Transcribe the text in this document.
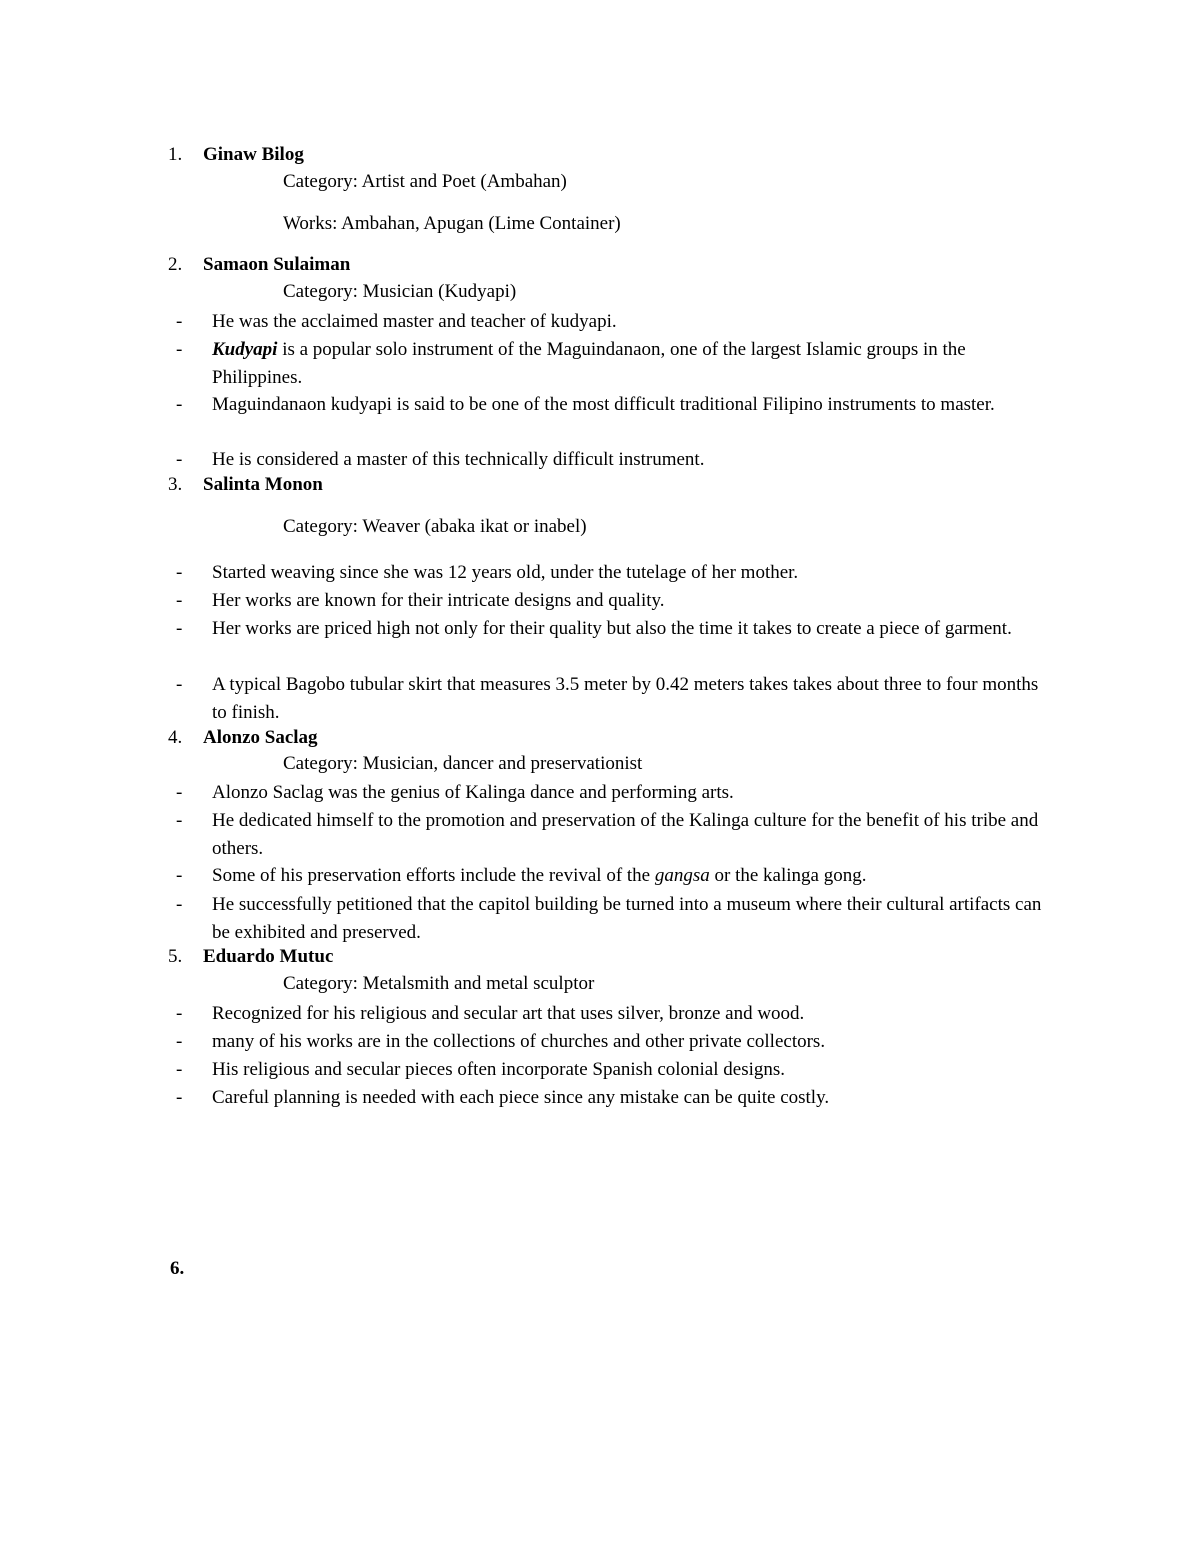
1. Ginaw Bilog
Category: Artist and Poet (Ambahan)
Works: Ambahan, Apugan (Lime Container)
2. Samaon Sulaiman
Category: Musician (Kudyapi)
- He was the acclaimed master and teacher of kudyapi.
- Kudyapi is a popular solo instrument of the Maguindanaon, one of the largest Islamic groups in the Philippines.
- Maguindanaon kudyapi is said to be one of the most difficult traditional Filipino instruments to master.
- He is considered a master of this technically difficult instrument.
3. Salinta Monon
Category: Weaver (abaka ikat or inabel)
- Started weaving since she was 12 years old, under the tutelage of her mother.
- Her works are known for their intricate designs and quality.
- Her works are priced high not only for their quality but also the time it takes to create a piece of garment.
- A typical Bagobo tubular skirt that measures 3.5 meter by 0.42 meters takes takes about three to four months to finish.
4. Alonzo Saclag
Category: Musician, dancer and preservationist
- Alonzo Saclag was the genius of Kalinga dance and performing arts.
- He dedicated himself to the promotion and preservation of the Kalinga culture for the benefit of his tribe and others.
- Some of his preservation efforts include the revival of the gangsa or the kalinga gong.
- He successfully petitioned that the capitol building be turned into a museum where their cultural artifacts can be exhibited and preserved.
5. Eduardo Mutuc
Category: Metalsmith and metal sculptor
- Recognized for his religious and secular art that uses silver, bronze and wood.
- many of his works are in the collections of churches and other private collectors.
- His religious and secular pieces often incorporate Spanish colonial designs.
- Careful planning is needed with each piece since any mistake can be quite costly.
6.
